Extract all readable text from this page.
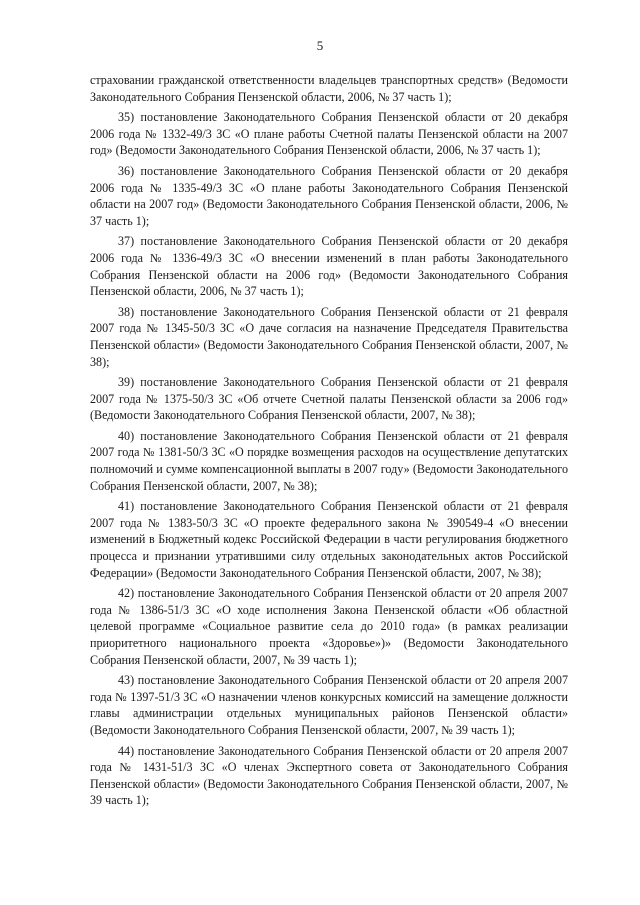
5

страховании гражданской ответственности владельцев транспортных средств» (Ведомости Законодательного Собрания Пензенской области, 2006, № 37 часть 1);

35) постановление Законодательного Собрания Пензенской области от 20 декабря 2006 года № 1332-49/3 ЗС «О плане работы Счетной палаты Пензенской области на 2007 год» (Ведомости Законодательного Собрания Пензенской области, 2006, № 37 часть 1);

36) постановление Законодательного Собрания Пензенской области от 20 декабря 2006 года № 1335-49/3 ЗС «О плане работы Законодательного Собрания Пензенской области на 2007 год» (Ведомости Законодательного Собрания Пензенской области, 2006, № 37 часть 1);

37) постановление Законодательного Собрания Пензенской области от 20 декабря 2006 года № 1336-49/3 ЗС «О внесении изменений в план работы Законодательного Собрания Пензенской области на 2006 год» (Ведомости Законодательного Собрания Пензенской области, 2006, № 37 часть 1);

38) постановление Законодательного Собрания Пензенской области от 21 февраля 2007 года № 1345-50/3 ЗС «О даче согласия на назначение Председателя Правительства Пензенской области» (Ведомости Законодательного Собрания Пензенской области, 2007, № 38);

39) постановление Законодательного Собрания Пензенской области от 21 февраля 2007 года № 1375-50/3 ЗС «Об отчете Счетной палаты Пензенской области за 2006 год» (Ведомости Законодательного Собрания Пензенской области, 2007, № 38);

40) постановление Законодательного Собрания Пензенской области от 21 февраля 2007 года № 1381-50/3 ЗС «О порядке возмещения расходов на осуществление депутатских полномочий и сумме компенсационной выплаты в 2007 году» (Ведомости Законодательного Собрания Пензенской области, 2007, № 38);

41) постановление Законодательного Собрания Пензенской области от 21 февраля 2007 года № 1383-50/3 ЗС «О проекте федерального закона № 390549-4 «О внесении изменений в Бюджетный кодекс Российской Федерации в части регулирования бюджетного процесса и признании утратившими силу отдельных законодательных актов Российской Федерации» (Ведомости Законодательного Собрания Пензенской области, 2007, № 38);

42) постановление Законодательного Собрания Пензенской области от 20 апреля 2007 года № 1386-51/3 ЗС «О ходе исполнения Закона Пензенской области «Об областной целевой программе «Социальное развитие села до 2010 года» (в рамках реализации приоритетного национального проекта «Здоровье»)» (Ведомости Законодательного Собрания Пензенской области, 2007, № 39 часть 1);

43) постановление Законодательного Собрания Пензенской области от 20 апреля 2007 года № 1397-51/3 ЗС «О назначении членов конкурсных комиссий на замещение должности главы администрации отдельных муниципальных районов Пензенской области» (Ведомости Законодательного Собрания Пензенской области, 2007, № 39 часть 1);

44) постановление Законодательного Собрания Пензенской области от 20 апреля 2007 года № 1431-51/3 ЗС «О членах Экспертного совета от Законодательного Собрания Пензенской области» (Ведомости Законодательного Собрания Пензенской области, 2007, № 39 часть 1);
